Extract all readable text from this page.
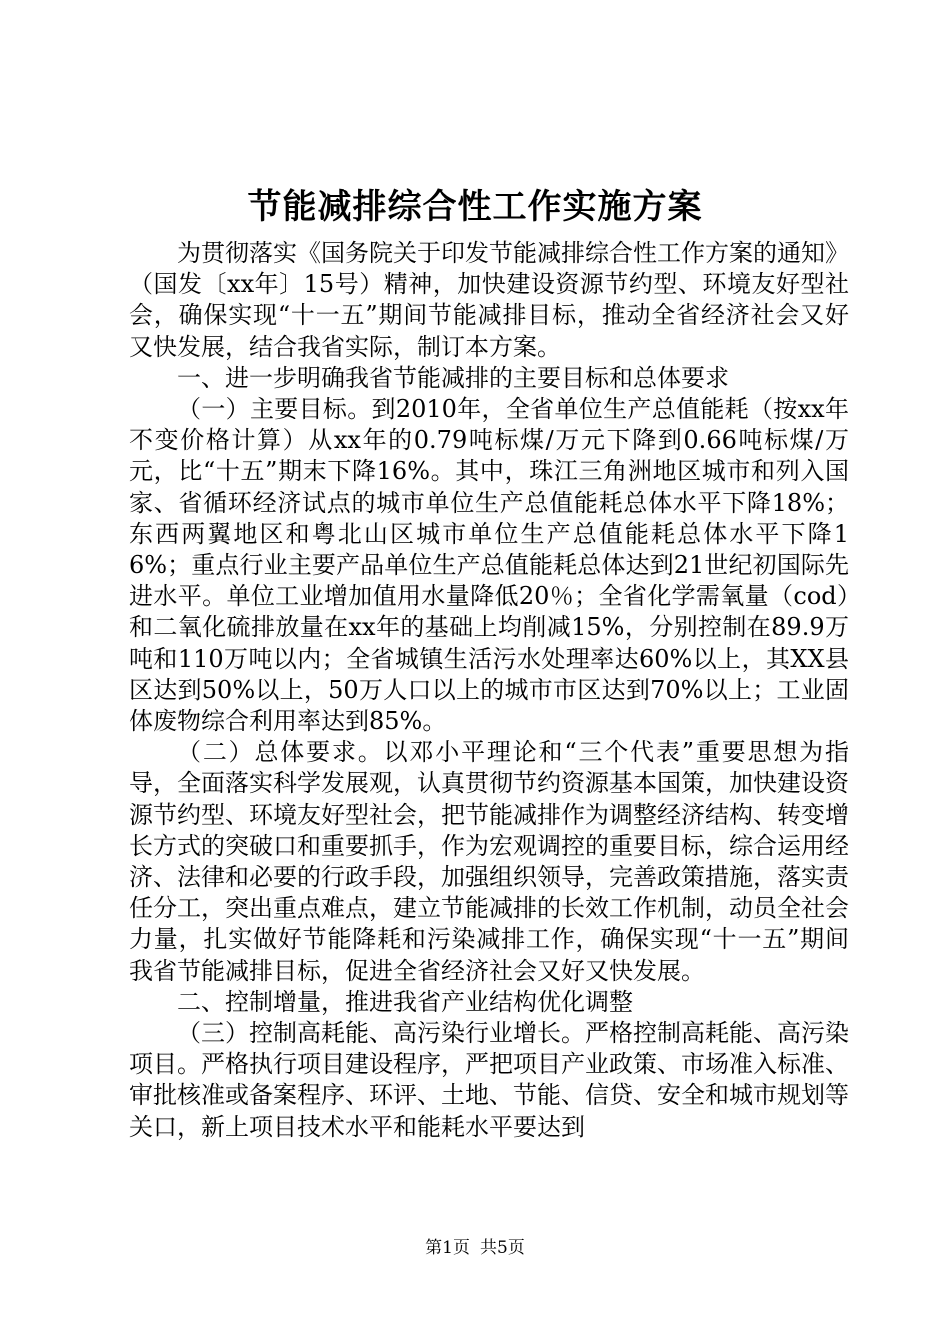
节能减排综合性工作实施方案

为贯彻落实《国务院关于印发节能减排综合性工作方案的通知》（国发〔xx年〕15号）精神，加快建设资源节约型、环境友好型社会，确保实现“十一五”期间节能减排目标，推动全省经济社会又好又快发展，结合我省实际，制订本方案。

一、进一步明确我省节能减排的主要目标和总体要求

（一）主要目标。到2010年，全省单位生产总值能耗（按xx年不变价格计算）从xx年的0.79吨标煤/万元下降到0.66吨标煤/万元，比“十五”期末下降16%。其中，珠江三角洲地区城市和列入国家、省循环经济试点的城市单位生产总值能耗总体水平下降18%；东西两翼地区和粤北山区城市单位生产总值能耗总体水平下降16%；重点行业主要产品单位生产总值能耗总体达到21世纪初国际先进水平。单位工业增加值用水量降低20％；全省化学需氧量（cod）和二氧化硫排放量在xx年的基础上均削减15%，分别控制在89.9万吨和110万吨以内；全省城镇生活污水处理率达60%以上，其XX县区达到50%以上，50万人口以上的城市市区达到70%以上；工业固体废物综合利用率达到85%。

（二）总体要求。以邓小平理论和“三个代表”重要思想为指导，全面落实科学发展观，认真贯彻节约资源基本国策，加快建设资源节约型、环境友好型社会，把节能减排作为调整经济结构、转变增长方式的突破口和重要抓手，作为宏观调控的重要目标，综合运用经济、法律和必要的行政手段，加强组织领导，完善政策措施，落实责任分工，突出重点难点，建立节能减排的长效工作机制，动员全社会力量，扎实做好节能降耗和污染减排工作，确保实现“十一五”期间我省节能减排目标，促进全省经济社会又好又快发展。

二、控制增量，推进我省产业结构优化调整

（三）控制高耗能、高污染行业增长。严格控制高耗能、高污染项目。严格执行项目建设程序，严把项目产业政策、市场准入标准、审批核准或备案程序、环评、土地、节能、信贷、安全和城市规划等关口，新上项目技术水平和能耗水平要达到

第1页 共5页
